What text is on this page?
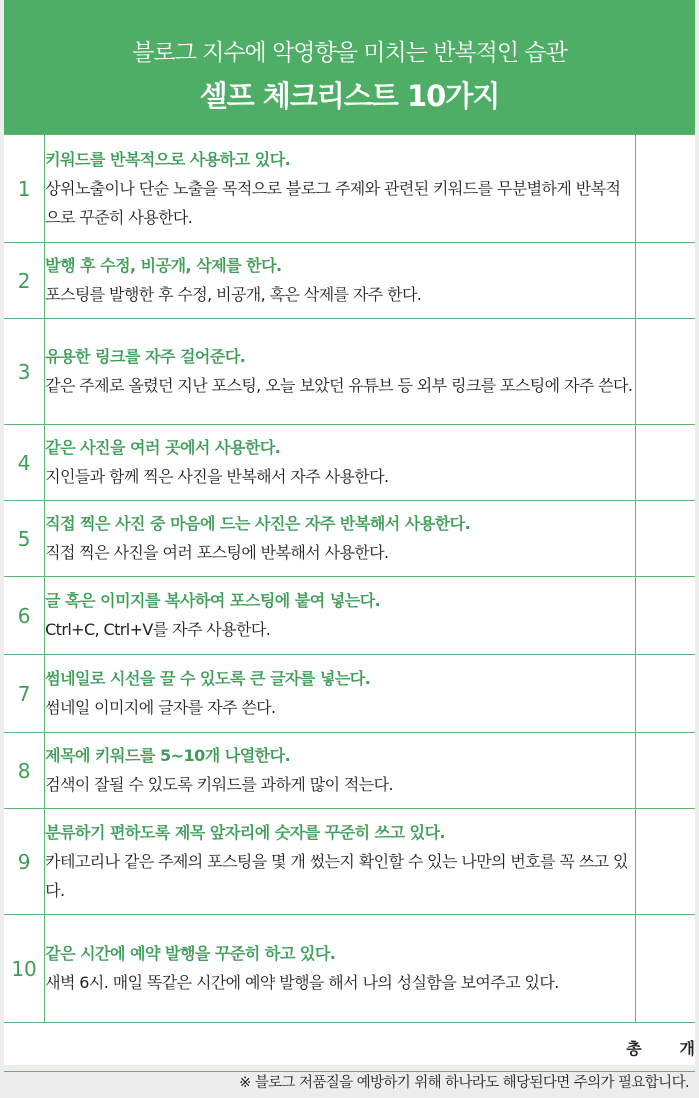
블로그 지수에 악영향을 미치는 반복적인 습관
셀프 체크리스트 10가지
1	키워드를 반복적으로 사용하고 있다.
상위노출이나 단순 노출을 목적으로 블로그 주제와 관련된 키워드를 무분별하게 반복적으로 꾸준히 사용한다.	

2	발행 후 수정, 비공개, 삭제를 한다.
포스팅를 발행한 후 수정, 비공개, 혹은 삭제를 자주 한다.	

3	유용한 링크를 자주 걸어준다.
같은 주제로 올렸던 지난 포스팅, 오늘 보았던 유튜브 등 외부 링크를 포스팅에 자주 쓴다.	

4	같은 사진을 여러 곳에서 사용한다.
지인들과 함께 찍은 사진을 반복해서 자주 사용한다.	

5	직접 찍은 사진 중 마음에 드는 사진은 자주 반복해서 사용한다.
직접 찍은 사진을 여러 포스팅에 반복해서 사용한다.	

6	글 혹은 이미지를 복사하여 포스팅에 붙여 넣는다.
Ctrl+C, Ctrl+V를 자주 사용한다.	

7	썸네일로 시선을 끌 수 있도록 큰 글자를 넣는다.
썸네일 이미지에 글자를 자주 쓴다.	

8	제목에 키워드를 5~10개 나열한다.
검색이 잘될 수 있도록 키워드를 과하게 많이 적는다.	

9	분류하기 편하도록 제목 앞자리에 숫자를 꾸준히 쓰고 있다.
카테고리나 같은 주제의 포스팅을 몇 개 썼는지 확인할 수 있는 나만의 번호를 꼭 쓰고 있다.	

10	같은 시간에 예약 발행을 꾸준히 하고 있다.
새벽 6시. 매일 똑같은 시간에 예약 발행을 해서 나의 성실함을 보여주고 있다.	

총 개		
※ 블로그 저품질을 예방하기 위해 하나라도 해당된다면 주의가 필요합니다.
